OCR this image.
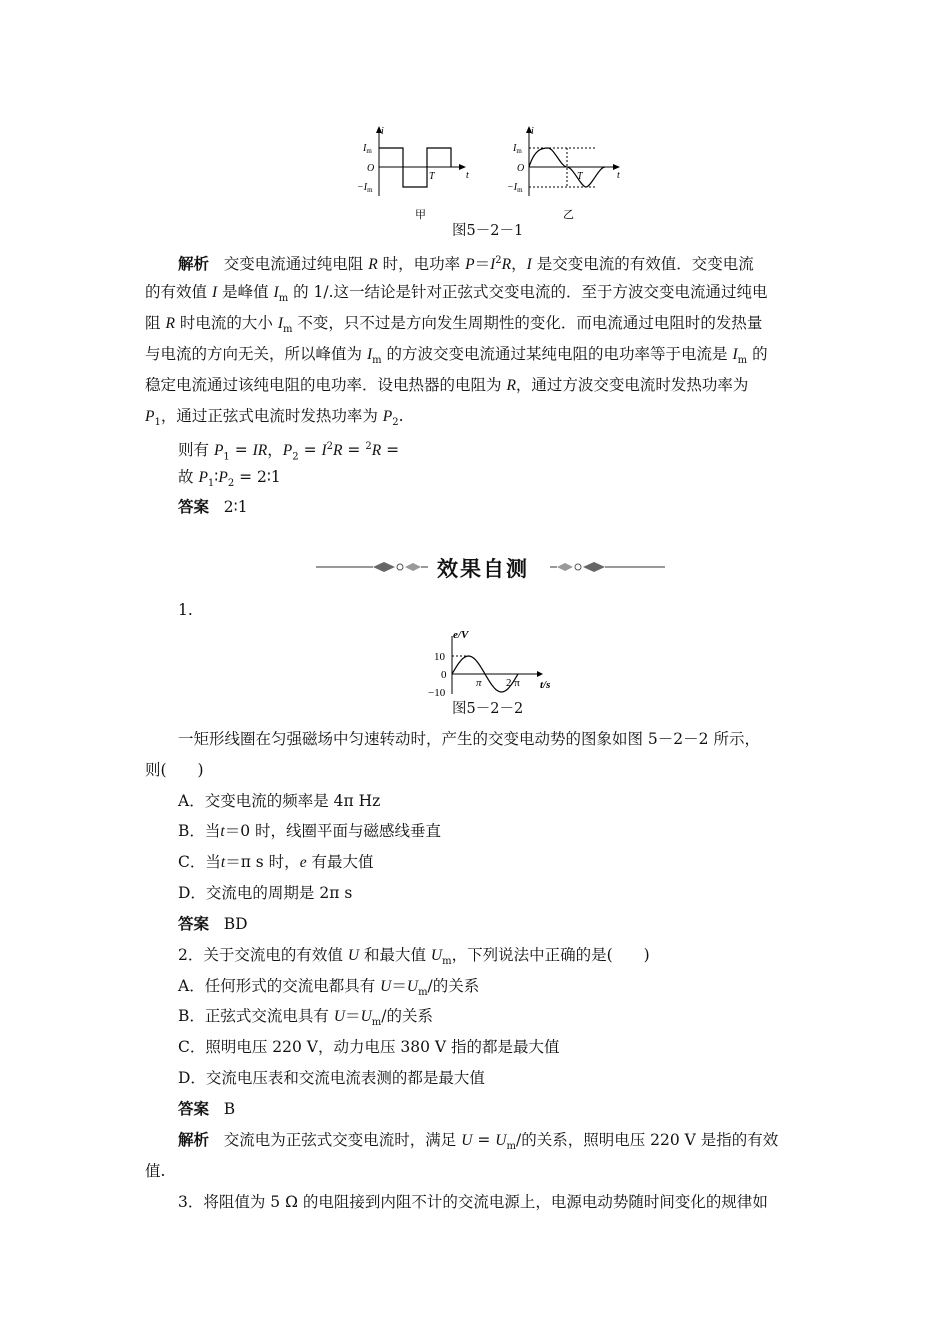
i
t
$I_m$
O
$-I_m$
T
甲
i
t
$I_m$
O
$-I_m$
T
乙
图5－2－1
解析 交变电流通过纯电阻 R 时，电功率 $P=I^2R$，I 是交变电流的有效值．交变电流
的有效值 I 是峰值 $I_m$ 的 1/.这一结论是针对正弦式交变电流的．至于方波交变电流通过纯电
阻 R 时电流的大小 $I_m$ 不变，只不过是方向发生周期性的变化．而电流通过电阻时的发热量
与电流的方向无关，所以峰值为 $I_m$ 的方波交变电流通过某纯电阻的电功率等于电流是 $I_m$ 的
稳定电流通过该纯电阻的电功率．设电热器的电阻为 R，通过方波交变电流时发热功率为
$P_1$，通过正弦式电流时发热功率为 $P_2$.
则有 $P_1$ = IR，$P_2 = I^2R = ^2R$ =
故 $P_1∶P_2$ = 2∶1
答案 2∶1
效果自测
1.
e/V
t/s
10
0
−10
π 2 π
图5－2－2
一矩形线圈在匀强磁场中匀速转动时，产生的交变电动势的图象如图 5－2－2 所示，
则(　　)
A．交变电流的频率是 4π Hz
B．当t＝0 时，线圈平面与磁感线垂直
C．当t＝π s 时，e 有最大值
D．交流电的周期是 2π s
答案 BD
2．关于交流电的有效值 U 和最大值 $U_m$，下列说法中正确的是(　　)
A．任何形式的交流电都具有 $U=U_m/$的关系
B．正弦式交流电具有 $U=U_m/$的关系
C．照明电压 220 V，动力电压 380 V 指的都是最大值
D．交流电压表和交流电流表测的都是最大值
答案 B
解析 交流电为正弦式交变电流时，满足 $U = U_m/$的关系，照明电压 220 V 是指的有效
值.
3．将阻值为 5 Ω 的电阻接到内阻不计的交流电源上，电源电动势随时间变化的规律如
